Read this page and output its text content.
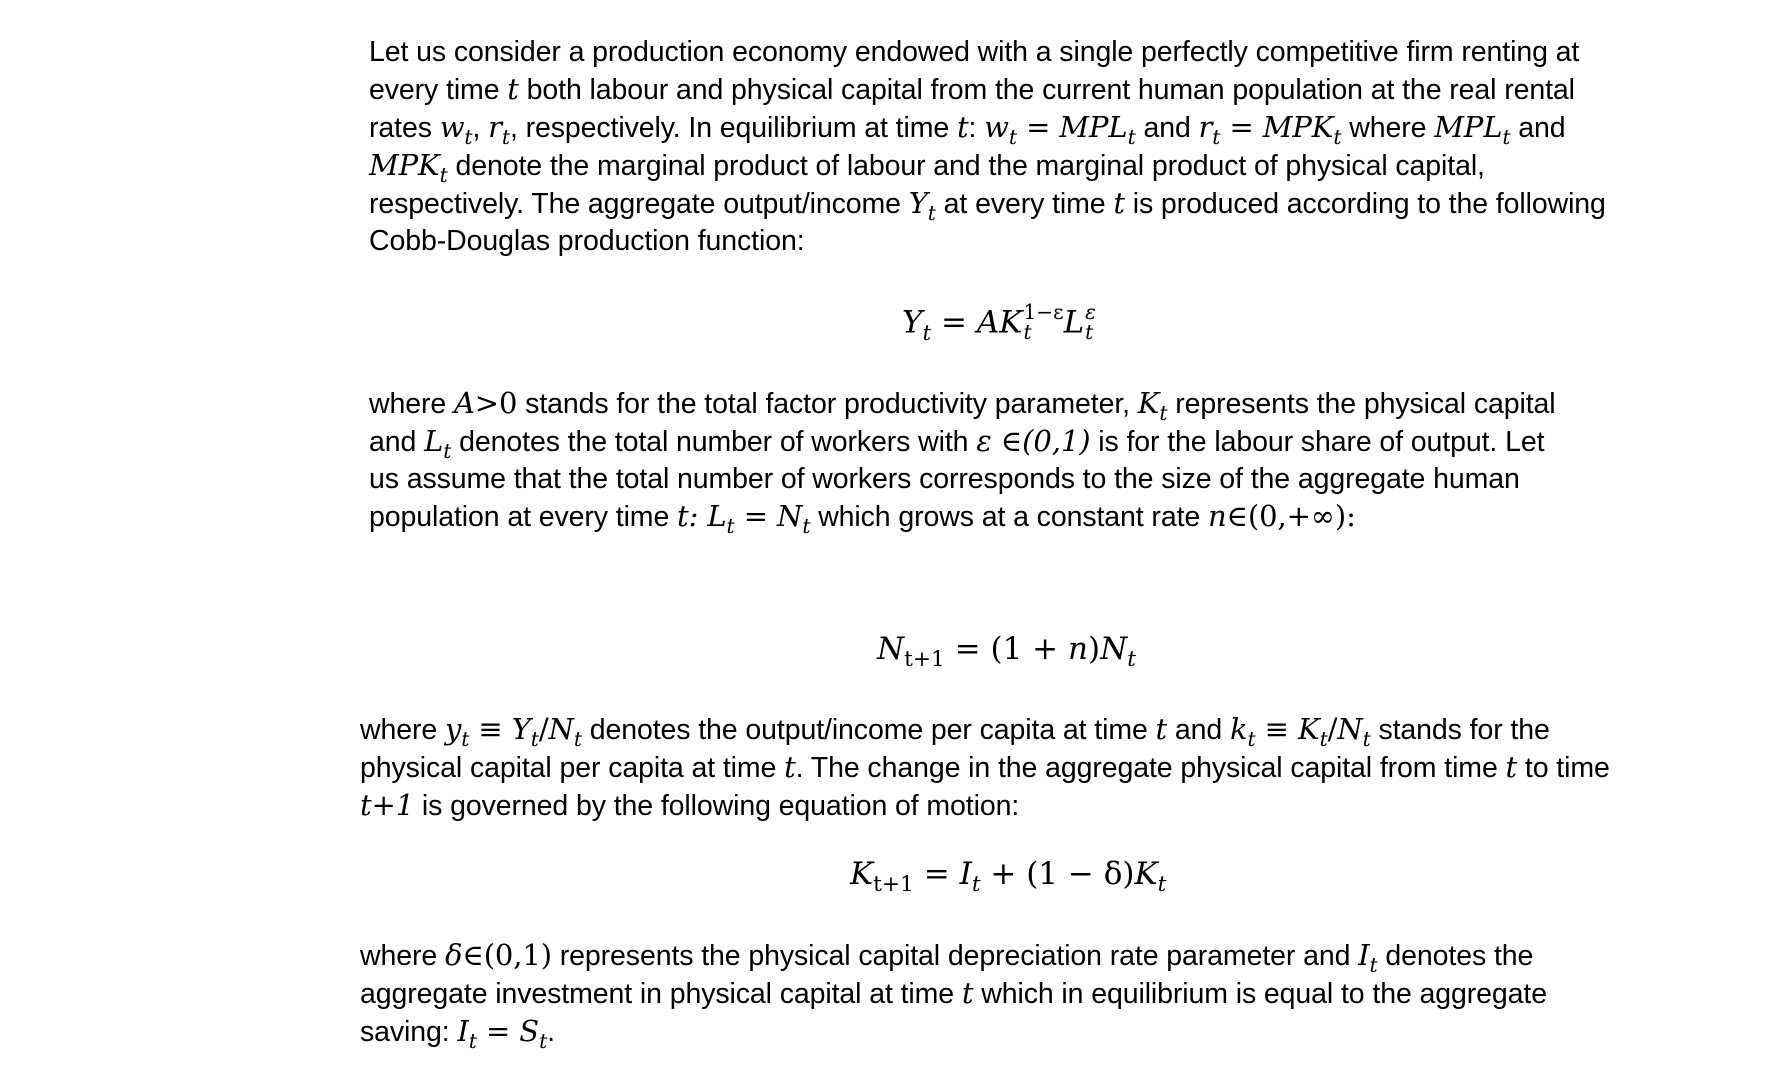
Let us consider a production economy endowed with a single perfectly competitive firm renting at every time t both labour and physical capital from the current human population at the real rental rates $w_t$, $r_t$, respectively. In equilibrium at time t: $w_t = MPL_t$ and $r_t = MPK_t$ where $MPL_t$ and $MPK_t$ denote the marginal product of labour and the marginal product of physical capital, respectively. The aggregate output/income $Y_t$ at every time t is produced according to the following Cobb-Douglas production function:

$Y_t$ = AK 1−ε
t	L ε
t

where A>0 stands for the total factor productivity parameter, $K_t$ represents the physical capital and $L_t$ denotes the total number of workers with ε ∈(0,1) is for the labour share of output. Let us assume that the total number of workers corresponds to the size of the aggregate human population at every time t: $L_t = N_t$ which grows at a constant rate n∈(0,+∞):

$N_{t+1} = (1 + n)N_t$

where $y_t \equiv Y_t/N_t$ denotes the output/income per capita at time t and $k_t \equiv K_t/N_t$ stands for the physical capital per capita at time t. The change in the aggregate physical capital from time t to time t+1 is governed by the following equation of motion:

$K_{t+1} = I_t + (1 - \delta)K_t$

where δ∈(0,1) represents the physical capital depreciation rate parameter and $I_t$ denotes the aggregate investment in physical capital at time t which in equilibrium is equal to the aggregate saving: $I_t = S_t$.
